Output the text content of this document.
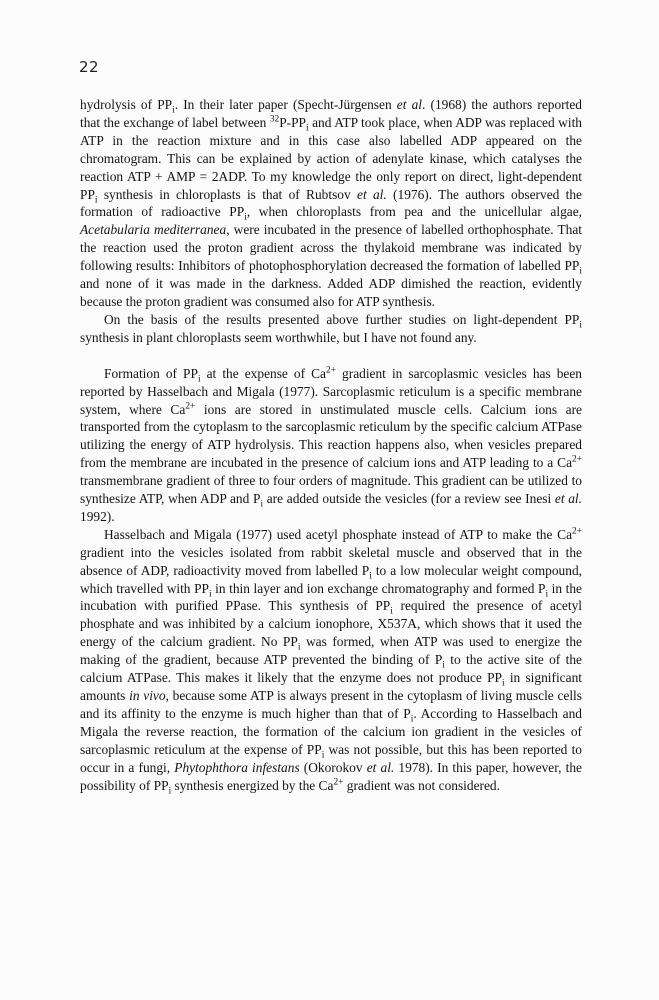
22

hydrolysis of $PP_i$. In their later paper (Specht-Jürgensen et al. (1968) the authors reported that the exchange of label between $^{32}P-PP_i$ and ATP took place, when ADP was replaced with ATP in the reaction mixture and in this case also labelled ADP appeared on the chromatogram. This can be explained by action of adenylate kinase, which catalyses the reaction ATP + AMP = 2ADP. To my knowledge the only report on direct, light-dependent $PP_i$ synthesis in chloroplasts is that of Rubtsov et al. (1976). The authors observed the formation of radioactive $PP_i$, when chloroplasts from pea and the unicellular algae, Acetabularia mediterranea, were incubated in the presence of labelled orthophosphate. That the reaction used the proton gradient across the thylakoid membrane was indicated by following results: Inhibitors of photophosphorylation decreased the formation of labelled $PP_i$ and none of it was made in the darkness. Added ADP dimished the reaction, evidently because the proton gradient was consumed also for ATP synthesis.

On the basis of the results presented above further studies on light-dependent $PP_i$ synthesis in plant chloroplasts seem worthwhile, but I have not found any.

Formation of $PP_i$ at the expense of $Ca^{2+}$ gradient in sarcoplasmic vesicles has been reported by Hasselbach and Migala (1977). Sarcoplasmic reticulum is a specific membrane system, where $Ca^{2+}$ ions are stored in unstimulated muscle cells. Calcium ions are transported from the cytoplasm to the sarcoplasmic reticulum by the specific calcium ATPase utilizing the energy of ATP hydrolysis. This reaction happens also, when vesicles prepared from the membrane are incubated in the presence of calcium ions and ATP leading to a $Ca^{2+}$ transmembrane gradient of three to four orders of magnitude. This gradient can be utilized to synthesize ATP, when ADP and $P_i$ are added outside the vesicles (for a review see Inesi et al. 1992).

Hasselbach and Migala (1977) used acetyl phosphate instead of ATP to make the $Ca^{2+}$ gradient into the vesicles isolated from rabbit skeletal muscle and observed that in the absence of ADP, radioactivity moved from labelled $P_i$ to a low molecular weight compound, which travelled with $PP_i$ in thin layer and ion exchange chromatography and formed $P_i$ in the incubation with purified PPase. This synthesis of $PP_i$ required the presence of acetyl phosphate and was inhibited by a calcium ionophore, X537A, which shows that it used the energy of the calcium gradient. No $PP_i$ was formed, when ATP was used to energize the making of the gradient, because ATP prevented the binding of $P_i$ to the active site of the calcium ATPase. This makes it likely that the enzyme does not produce $PP_i$ in significant amounts in vivo, because some ATP is always present in the cytoplasm of living muscle cells and its affinity to the enzyme is much higher than that of $P_i$. According to Hasselbach and Migala the reverse reaction, the formation of the calcium ion gradient in the vesicles of sarcoplasmic reticulum at the expense of $PP_i$ was not possible, but this has been reported to occur in a fungi, Phytophthora infestans (Okorokov et al. 1978). In this paper, however, the possibility of $PP_i$ synthesis energized by the $Ca^{2+}$ gradient was not considered.
